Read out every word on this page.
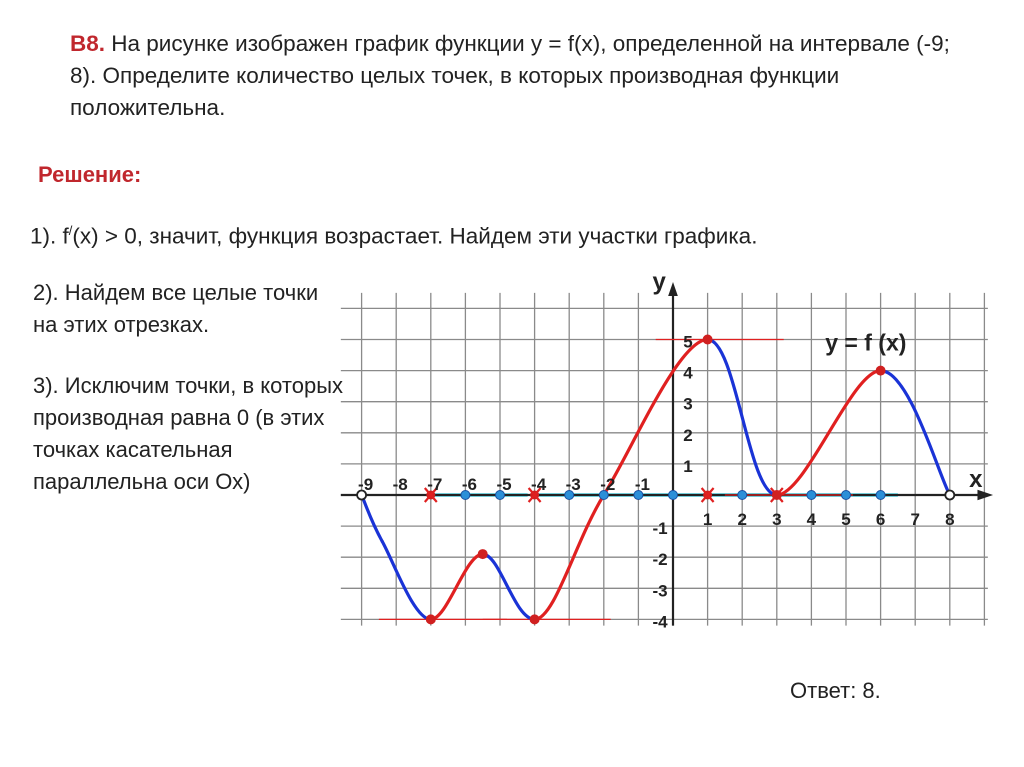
В8. На рисунке изображен график функции y = f(x), определенной на интервале (-9; 8). Определите количество целых точек, в которых производная функции положительна.
Решение:
1). f/(x) > 0, значит, функция возрастает. Найдем эти участки графика.
2). Найдем все целые точки на этих отрезках.
3). Исключим точки, в которых производная равна 0 (в этих точках касательная параллельна оси Ох)
Ответ: 8.
-9 -8 -7 -6 -5 -4 -3 -2 -1
1 2 3 4 5 6 7 8
5
4
3
2
1
-1
-2
-3
-4
x
y
y = f (x)
